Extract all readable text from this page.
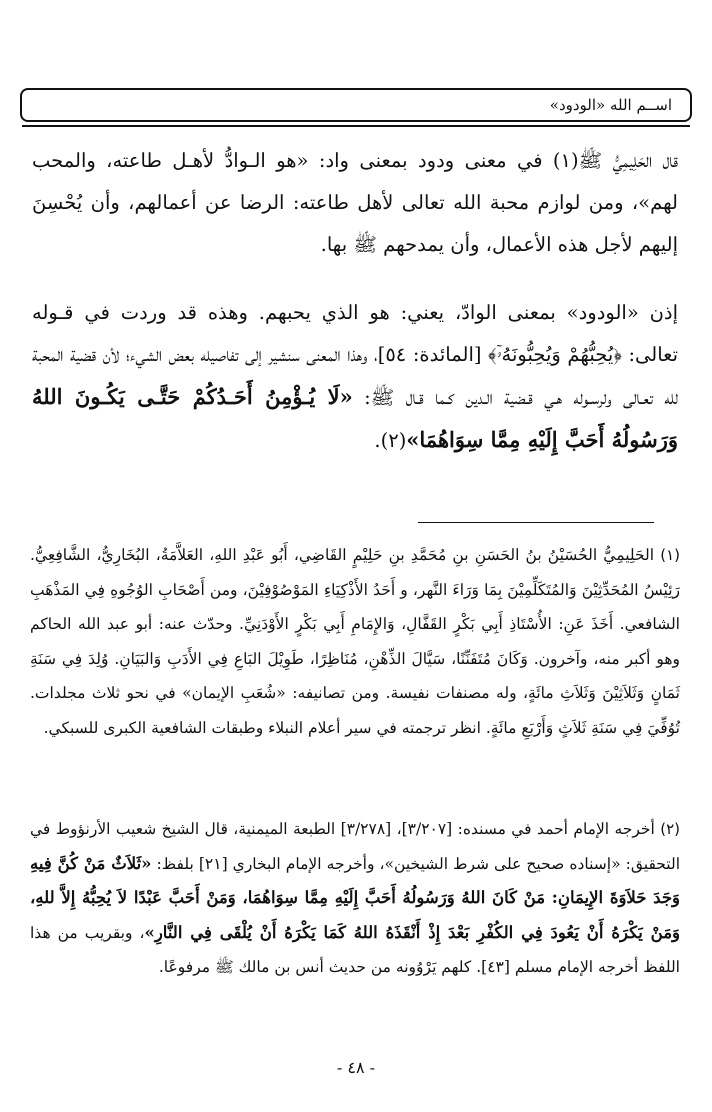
اســم الله «الودود»

قال الحَلِيمِيُّ ﷺ(١) في معنى ودود بمعنى واد: «هو الـوادُّ لأهـل طاعته، والمحب لهم»، ومن لوازم محبة الله تعالى لأهل طاعته: الرضا عن أعمالهم، وأن يُحْسِنَ إليهم لأجل هذه الأعمال، وأن يمدحهم ﷺ بها.

إذن «الودود» بمعنى الوادّ، يعني: هو الذي يحبهم. وهذه قد وردت في قـوله تعالى: ﴿يُحِبُّهُمْ وَيُحِبُّونَهُۥٓ﴾ [المائدة: ٥٤]، وهذا المعنى سنشير إلى تفاصيله بعض الشيء؛ لأن قضية المحبة لله تعـالى ولرسـوله هـي قـضية الـدين كـما قـال ﷺ: «لَا يُـؤْمِنُ أَحَـدُكُمْ حَتَّـى يَكُـونَ اللهُ وَرَسُولُهُ أَحَبَّ إِلَيْهِ مِمَّا سِوَاهُمَا»(٢).

(١) الحَلِيمِيُّ الحُسَيْنُ بنُ الحَسَنِ بنِ مُحَمَّدِ بنِ حَلِيْمٍ القَاضِي، أَبُو عَبْدِ اللهِ، العَلاَّمَةُ، البُخَارِيُّ، الشَّافِعِيُّ. رَئِيْسُ المُحَدِّثِيْنَ وَالمُتَكَلِّمِيْنَ بِمَا وَرَاءَ النَّهر، و أَحَدُ الأَذْكِيَاءِ المَوْصُوْفِيْنَ، ومن أَصْحَابِ الوُجُوهِ فِي المَذْهَبِ الشافعي. أَخَذَ عَنِ: الأُسْتَاذِ أَبِي بَكْرٍ القَفَّالِ، وَالإِمَامِ أَبِي بَكْرٍ الأَوْدَنِيِّ. وحدّث عنه: أبو عبد الله الحاكم وهو أكبر منه، وآخرون. وَكَانَ مُتَفَنِّنًا، سَيَّالَ الذِّهْنِ، مُنَاظِرًا، طَوِيْلَ البَاعِ فِي الأَدَبِ وَالبَيَانِ. وُلِدَ فِي سَنَةِ ثَمَانٍ وَثَلاَثِيْنَ وَثَلاَثِ مائَةٍ، وله مصنفات نفيسة. ومن تصانيفه: «شُعَبِ الإيمان» في نحو ثلاث مجلدات. تُوُفِّيَ فِي سَنَةِ ثَلاَثٍ وَأَرْبَعِ مائَةٍ. انظر ترجمته في سير أعلام النبلاء وطبقات الشافعية الكبرى للسبكي.

(٢) أخرجه الإمام أحمد في مسنده: [٣/٢٠٧]، [٣/٢٧٨] الطبعة الميمنية، قال الشيخ شعيب الأرنؤوط في التحقيق: «إسناده صحيح على شرط الشيخين»، وأخرجه الإمام البخاري [٢١] بلفظ: «ثَلاَثٌ مَنْ كُنَّ فِيهِ وَجَدَ حَلاَوَةَ الإِيمَانِ: مَنْ كَانَ اللهُ وَرَسُولُهُ أَحَبَّ إِلَيْهِ مِمَّا سِوَاهُمَا، وَمَنْ أَحَبَّ عَبْدًا لاَ يُحِبُّهُ إِلاَّ للهِ، وَمَنْ يَكْرَهُ أَنْ يَعُودَ فِي الكُفْرِ بَعْدَ إِذْ أَنْقَذَهُ اللهُ كَمَا يَكْرَهُ أَنْ يُلْقَى فِي النَّارِ»، وبقريب من هذا اللفظ أخرجه الإمام مسلم [٤٣]. كلهم يَرْوُونه من حديث أنس بن مالك ﷺ مرفوعًا.

- ٤٨ -
